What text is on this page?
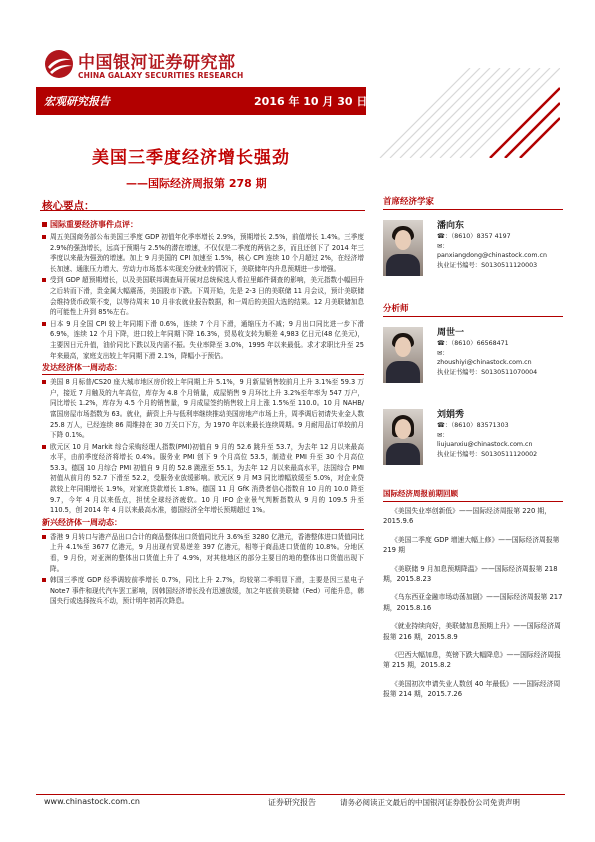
中国银河证券研究部
CHINA GALAXY SECURITIES RESEARCH
宏观研究报告	2016 年 10 月 30 日
美国三季度经济增长强劲
——国际经济周报第 278 期
核心要点：
国际重要经济事件点评：
周五美国商务部公布美国三季度 GDP 初值年化季率增长 2.9%，预期增长 2.5%，前值增长 1.4%。三季度 2.9%的强劲增长，远高于预期与 2.5%的潜在增速，不仅仅是二季度的两倍之多，而且还创下了 2014 年三季度以来最为强劲的增速。加上 9 月美国的 CPI 加速至 1.5%，核心 CPI 连续 10 个月超过 2%，在经济增长加速、通胀压力增大、劳动力市场基本实现充分就业的情况下，美联储年内升息预期进一步增强。
受到 GDP 超预期增长，以及美国联邦调查局开展对总统候选人希拉里邮件调查的影响，美元指数小幅回升之后转而下滑，贵金属大幅震荡，美国股市下跌。下周开始，先是 2-3 日的美联储 11 月会议，预计美联储会维持货币政策不变，以等待周末 10 月非农就业报告数据，和一周后的美国大选的结果。12 月美联储加息的可能性上升到 85%左右。
日本 9 月全国 CPI 较上年同期下滑 0.6%，连续 7 个月下滑，通缩压力不减；9 月出口同比进一步下滑 6.9%，连续 12 个月下降，进口较上年同期下降 16.3%，贸易收支转为顺差 4,983 亿日元(48 亿美元)，主要因日元升值，油价同比下跌以及内需不振。失业率降至 3.0%，1995 年以来最低。求才求职比升至 25 年来最高，家庭支出较上年同期下滑 2.1%，降幅小于预估。
发达经济体一周动态：
美国 8 月标普/CS20 座大城市地区房价较上年同期上升 5.1%，9 月新屋销售较前月上升 3.1%至 59.3 万户，接近 7 月触及的九年高位，库存为 4.8 个月销量，成屋销售 9 月环比上升 3.2%至年率为 547 万户，同比增长 1.2%，库存为 4.5 个月的销售量，9 月成屋签约销售较上月上涨 1.5%至 110.0。10 月 NAHB/富国房屋市场指数为 63。就业，薪资上升与低利率继续推动美国房地产市场上升，周季调后初请失业金人数 25.8 万人，已经连续 86 周维持在 30 万关口下方，为 1970 年以来最长连续周期。9 月耐用品订单较前月下降 0.1%。
欧元区 10 月 Markit 综合采购经理人指数(PMI)初值自 9 月的 52.6 跳升至 53.7，为去年 12 月以来最高水平，由前季度经济将增长 0.4%。服务业 PMI 创下 9 个月高位 53.5，制造业 PMI 升至 30 个月高位 53.3。德国 10 月综合 PMI 初值自 9 月的 52.8 跳涨至 55.1，为去年 12 月以来最高水平，法国综合 PMI 初值从前月的 52.7 下滑至 52.2，受服务业放缓影响。欧元区 9 月 M3 同比增幅放缓至 5.0%，对企业贷款较上年同期增长 1.9%，对家庭贷款增长 1.8%。德国 11 月 GfK 消费者信心指数自 10 月的 10.0 降至 9.7，今年 4 月以来低点，担忧全球经济疲软。10 月 IFO 企业景气判断指数从 9 月的 109.5 升至 110.5，创 2014 年 4 月以来最高水准，德国经济全年增长预期超过 1%。
新兴经济体一周动态：
香港 9 月转口与港产品出口合计的商品整体出口货值同比升 3.6%至 3280 亿港元，香港整体进口货值同比上升 4.1%至 3677 亿港元，9 月出现有贸易逆差 397 亿港元，相等于商品进口货值的 10.8%。分地区看，9 月份，对亚洲的整体出口货值上升了 4.9%，对其他地区的部分主要目的地的整体出口货值出现下降。
韩国三季度 GDP 经季调较前季增长 0.7%，同比上升 2.7%，均较第二季明显下滑，主要是因三星电子 Note7 事件和现代汽车罢工影响，因韩国经济增长没有迅速放缓，加之年底前美联储（Fed）可能升息，韩国央行或选择按兵不动，预计明年初再次降息。
首席经济学家
潘向东
☎：（8610）8357 4197
✉：
panxiangdong@chinastock.com.cn
执业证书编号：S0130511120003
分析师
周世一
☎：（8610）66568471
✉：
zhoushiyi@chinastock.com.cn
执业证书编号：S0130511070004
刘娟秀
☎：（8610）83571303
✉：
liujuanxiu@chinastock.com.cn
执业证书编号：S0130511120002
国际经济周报前期回顾
《美国失业率创新低》——国际经济周报第 220 期，2015.9.6
《美国二季度 GDP 增速大幅上修》——国际经济周报第 219 期
《美联储 9 月加息预期降温》——国际经济周报第 218 期，2015.8.23
《乌东西亚金融市场动荡加剧》——国际经济周报第 217 期，2015.8.16
《就业持续向好，美联储加息预期上升》——国际经济周报第 216 期，2015.8.9
《巴西大幅加息，英镑下跌大幅降息》——国际经济周报第 215 期，2015.8.2
《美国初次申请失业人数创 40 年最低》——国际经济周报第 214 期，2015.7.26
www.chinastock.com.cn	证券研究报告	请务必阅读正文最后的中国银河证券股份公司免责声明
